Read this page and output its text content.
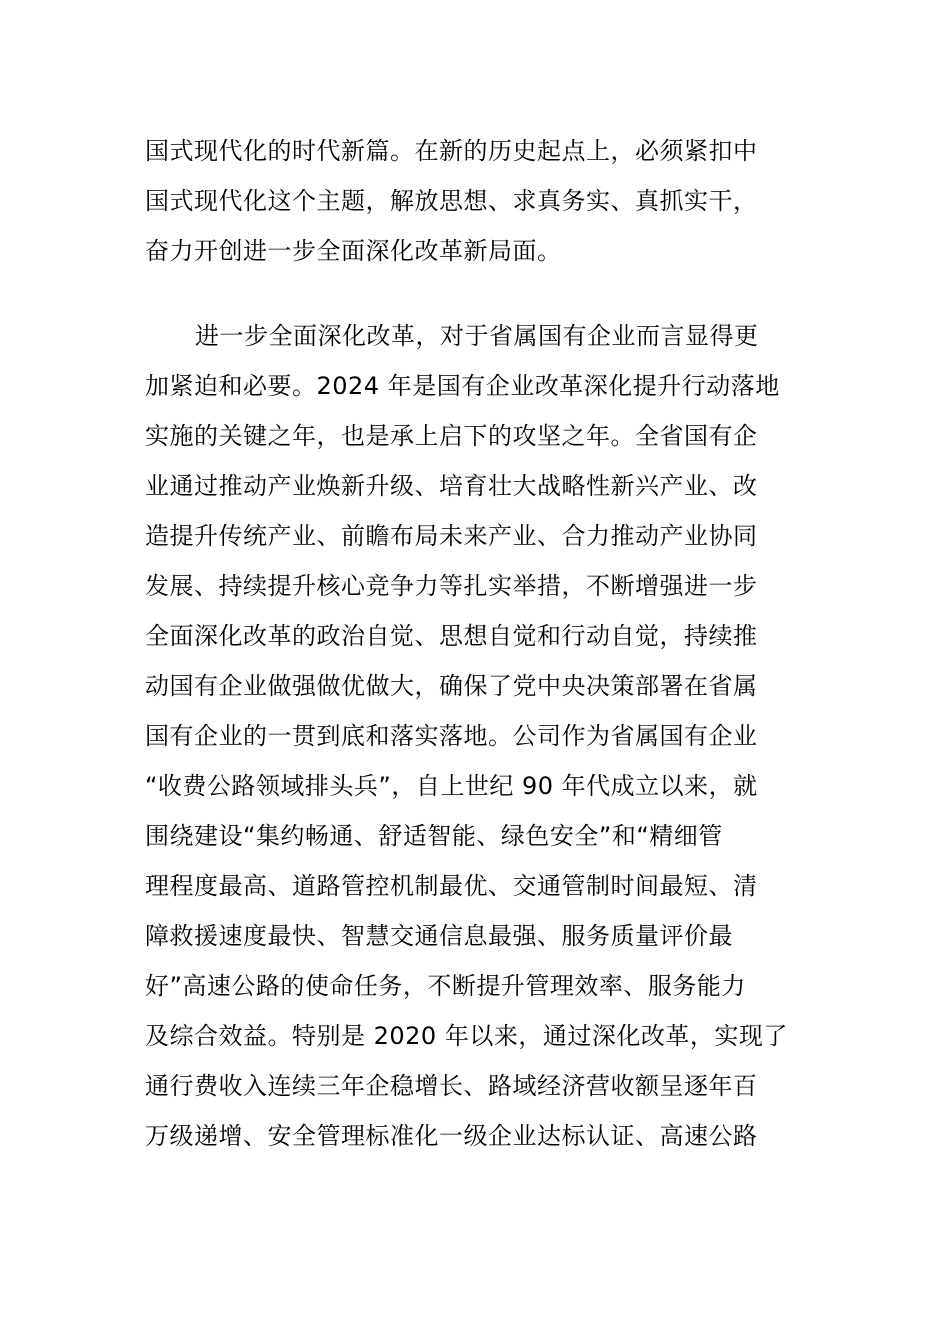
国式现代化的时代新篇。在新的历史起点上，必须紧扣中
国式现代化这个主题，解放思想、求真务实、真抓实干，
奋力开创进一步全面深化改革新局面。
进一步全面深化改革，对于省属国有企业而言显得更
加紧迫和必要。2024 年是国有企业改革深化提升行动落地
实施的关键之年，也是承上启下的攻坚之年。全省国有企
业通过推动产业焕新升级、培育壮大战略性新兴产业、改
造提升传统产业、前瞻布局未来产业、合力推动产业协同
发展、持续提升核心竞争力等扎实举措，不断增强进一步
全面深化改革的政治自觉、思想自觉和行动自觉，持续推
动国有企业做强做优做大，确保了党中央决策部署在省属
国有企业的一贯到底和落实落地。公司作为省属国有企业
“收费公路领域排头兵”，自上世纪 90 年代成立以来，就
围绕建设“集约畅通、舒适智能、绿色安全”和“精细管
理程度最高、道路管控机制最优、交通管制时间最短、清
障救援速度最快、智慧交通信息最强、服务质量评价最
好”高速公路的使命任务，不断提升管理效率、服务能力
及综合效益。特别是 2020 年以来，通过深化改革，实现了
通行费收入连续三年企稳增长、路域经济营收额呈逐年百
万级递增、安全管理标准化一级企业达标认证、高速公路
